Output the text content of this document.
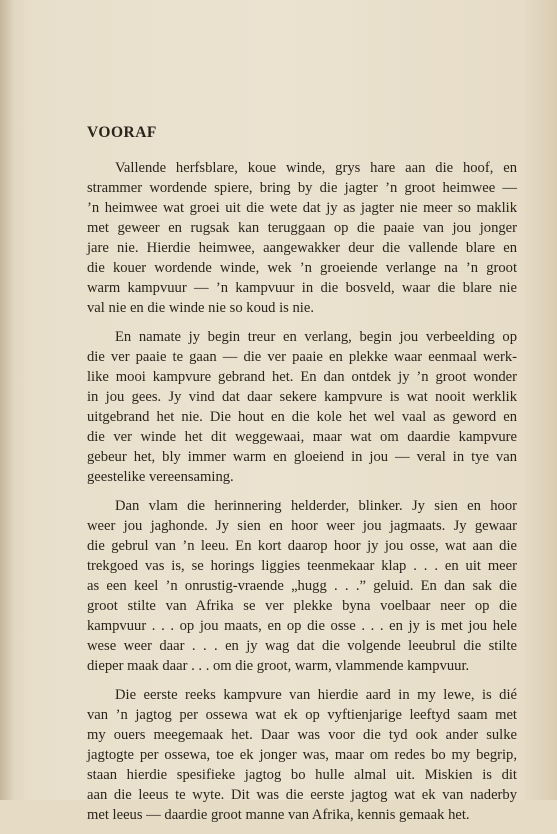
VOORAF
Vallende herfsblare, koue winde, grys hare aan die hoof, en
strammer wordende spiere, bring by die jagter ’n groot heimwee —
’n heimwee wat groei uit die wete dat jy as jagter nie meer so maklik
met geweer en rugsak kan teruggaan op die paaie van jou jonger
jare nie. Hierdie heimwee, aangewakker deur die vallende blare en
die kouer wordende winde, wek ’n groeiende verlange na ’n groot
warm kampvuur — ’n kampvuur in die bosveld, waar die blare nie
val nie en die winde nie so koud is nie.
En namate jy begin treur en verlang, begin jou verbeelding op
die ver paaie te gaan — die ver paaie en plekke waar eenmaal werk-
like mooi kampvure gebrand het. En dan ontdek jy ’n groot wonder
in jou gees. Jy vind dat daar sekere kampvure is wat nooit werklik
uitgebrand het nie. Die hout en die kole het wel vaal as geword en
die ver winde het dit weggewaai, maar wat om daardie kampvure
gebeur het, bly immer warm en gloeiend in jou — veral in tye van
geestelike vereensaming.
Dan vlam die herinnering helderder, blinker. Jy sien en hoor
weer jou jaghonde. Jy sien en hoor weer jou jagmaats. Jy gewaar
die gebrul van ’n leeu. En kort daarop hoor jy jou osse, wat aan die
trekgoed vas is, se horings liggies teenmekaar klap . . . en uit meer
as een keel ’n onrustig-vraende „hugg . . .” geluid. En dan sak die
groot stilte van Afrika se ver plekke byna voelbaar neer op die
kampvuur . . . op jou maats, en op die osse . . . en jy is met jou hele
wese weer daar . . . en jy wag dat die volgende leeubrul die stilte
dieper maak daar . . . om die groot, warm, vlammende kampvuur.
Die eerste reeks kampvure van hierdie aard in my lewe, is dié
van ’n jagtog per ossewa wat ek op vyftienjarige leeftyd saam met
my ouers meegemaak het. Daar was voor die tyd ook ander sulke
jagtogte per ossewa, toe ek jonger was, maar om redes bo my begrip,
staan hierdie spesifieke jagtog bo hulle almal uit. Miskien is dit
aan die leeus te wyte. Dit was die eerste jagtog wat ek van naderby
met leeus — daardie groot manne van Afrika, kennis gemaak het.
